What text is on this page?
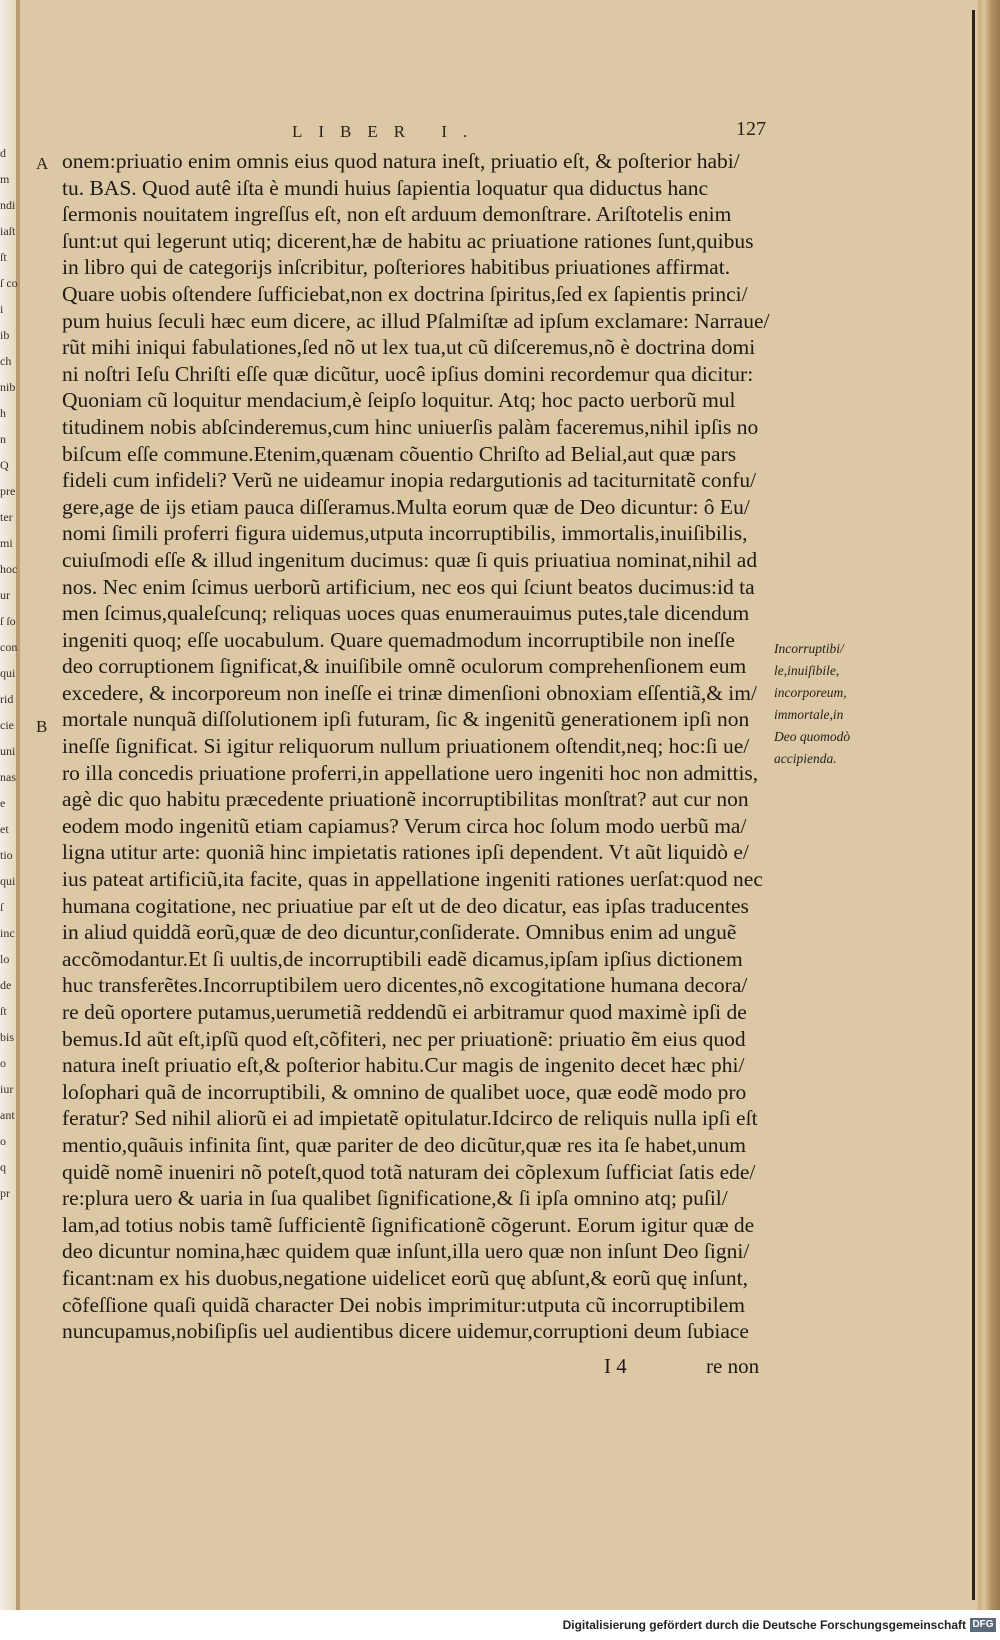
d
m
ndi
iaſt
ſt
ſ co
i
ib
ch
nib
h
n
Q
pre
ter
mi
hoc
ur
ſ ſo
con
qui
rid
cie
uni
nas
e
et
tio
qui
ſ
inc
lo
de
ſt
bis
o
iur
ant
o
q
pr
LIBER I.	127
A
B
onem:priuatio enim omnis eius quod natura ineſt, priuatio eſt, & poſterior habi/
tu. BAS. Quod autê iſta è mundi huius ſapientia loquatur qua diductus hanc
ſermonis nouitatem ingreſſus eſt, non eſt arduum demonſtrare. Ariſtotelis enim
ſunt:ut qui legerunt utiq; dicerent,hæ de habitu ac priuatione rationes ſunt,quibus
in libro qui de categorijs inſcribitur, poſteriores habitibus priuationes affirmat.
Quare uobis oſtendere ſufficiebat,non ex doctrina ſpiritus,ſed ex ſapientis princi/
pum huius ſeculi hæc eum dicere, ac illud Pſalmiſtæ ad ipſum exclamare: Narraue/
rũt mihi iniqui fabulationes,ſed nõ ut lex tua,ut cũ diſceremus,nõ è doctrina domi
ni noſtri Ieſu Chriſti eſſe quæ dicũtur, uocê ipſius domini recordemur qua dicitur:
Quoniam cũ loquitur mendacium,è ſeipſo loquitur. Atq; hoc pacto uerborũ mul
titudinem nobis abſcinderemus,cum hinc uniuerſis palàm faceremus,nihil ipſis no
biſcum eſſe commune.Etenim,quænam cõuentio Chriſto ad Belial,aut quæ pars
fideli cum infideli? Verũ ne uideamur inopia redargutionis ad taciturnitatẽ confu/
gere,age de ijs etiam pauca diſſeramus.Multa eorum quæ de Deo dicuntur: ô Eu/
nomi ſimili proferri figura uidemus,utputa incorruptibilis, immortalis,inuiſibilis,
cuiuſmodi eſſe & illud ingenitum ducimus: quæ ſi quis priuatiua nominat,nihil ad
nos. Nec enim ſcimus uerborũ artificium, nec eos qui ſciunt beatos ducimus:id ta
men ſcimus,qualeſcunq; reliquas uoces quas enumerauimus putes,tale dicendum
ingeniti quoq; eſſe uocabulum. Quare quemadmodum incorruptibile non ineſſe
deo corruptionem ſignificat,& inuiſibile omnẽ oculorum comprehenſionem eum
excedere, & incorporeum non ineſſe ei trinæ dimenſioni obnoxiam eſſentiã,& im/
mortale nunquã diſſolutionem ipſi futuram, ſic & ingenitũ generationem ipſi non
ineſſe ſignificat. Si igitur reliquorum nullum priuationem oſtendit,neq; hoc:ſi ue/
ro illa concedis priuatione proferri,in appellatione uero ingeniti hoc non admittis,
agè dic quo habitu præcedente priuationẽ incorruptibilitas monſtrat? aut cur non
eodem modo ingenitũ etiam capiamus? Verum circa hoc ſolum modo uerbũ ma/
ligna utitur arte: quoniã hinc impietatis rationes ipſi dependent. Vt aũt liquidò e/
ius pateat artificiũ,ita facite, quas in appellatione ingeniti rationes uerſat:quod nec
humana cogitatione, nec priuatiue par eſt ut de deo dicatur, eas ipſas traducentes
in aliud quiddã eorũ,quæ de deo dicuntur,conſiderate. Omnibus enim ad unguẽ
accõmodantur.Et ſi uultis,de incorruptibili eadẽ dicamus,ipſam ipſius dictionem
huc transferẽtes.Incorruptibilem uero dicentes,nõ excogitatione humana decora/
re deũ oportere putamus,uerumetiã reddendũ ei arbitramur quod maximè ipſi de
bemus.Id aũt eſt,ipſũ quod eſt,cõfiteri, nec per priuationẽ: priuatio ẽm eius quod
natura ineſt priuatio eſt,& poſterior habitu.Cur magis de ingenito decet hæc phi/
loſophari quã de incorruptibili, & omnino de qualibet uoce, quæ eodẽ modo pro
feratur? Sed nihil aliorũ ei ad impietatẽ opitulatur.Idcirco de reliquis nulla ipſi eſt
mentio,quãuis infinita ſint, quæ pariter de deo dicũtur,quæ res ita ſe habet,unum
quidẽ nomẽ inueniri nõ poteſt,quod totã naturam dei cõplexum ſufficiat ſatis ede/
re:plura uero & uaria in ſua qualibet ſignificatione,& ſi ipſa omnino atq; puſil/
lam,ad totius nobis tamẽ ſufficientẽ ſignificationẽ cõgerunt. Eorum igitur quæ de
deo dicuntur nomina,hæc quidem quæ inſunt,illa uero quæ non inſunt Deo ſigni/
ficant:nam ex his duobus,negatione uidelicet eorũ quę abſunt,& eorũ quę inſunt,
cõfeſſione quaſi quidã character Dei nobis imprimitur:utputa cũ incorruptibilem
nuncupamus,nobiſipſis uel audientibus dicere uidemur,corruptioni deum ſubiace
Incorruptibi/
le,inuiſibile,
incorporeum,
immortale,in
Deo quomodò
accipienda.
I 4	re non
Digitalisierung gefördert durch die Deutsche Forschungsgemeinschaft DFG
